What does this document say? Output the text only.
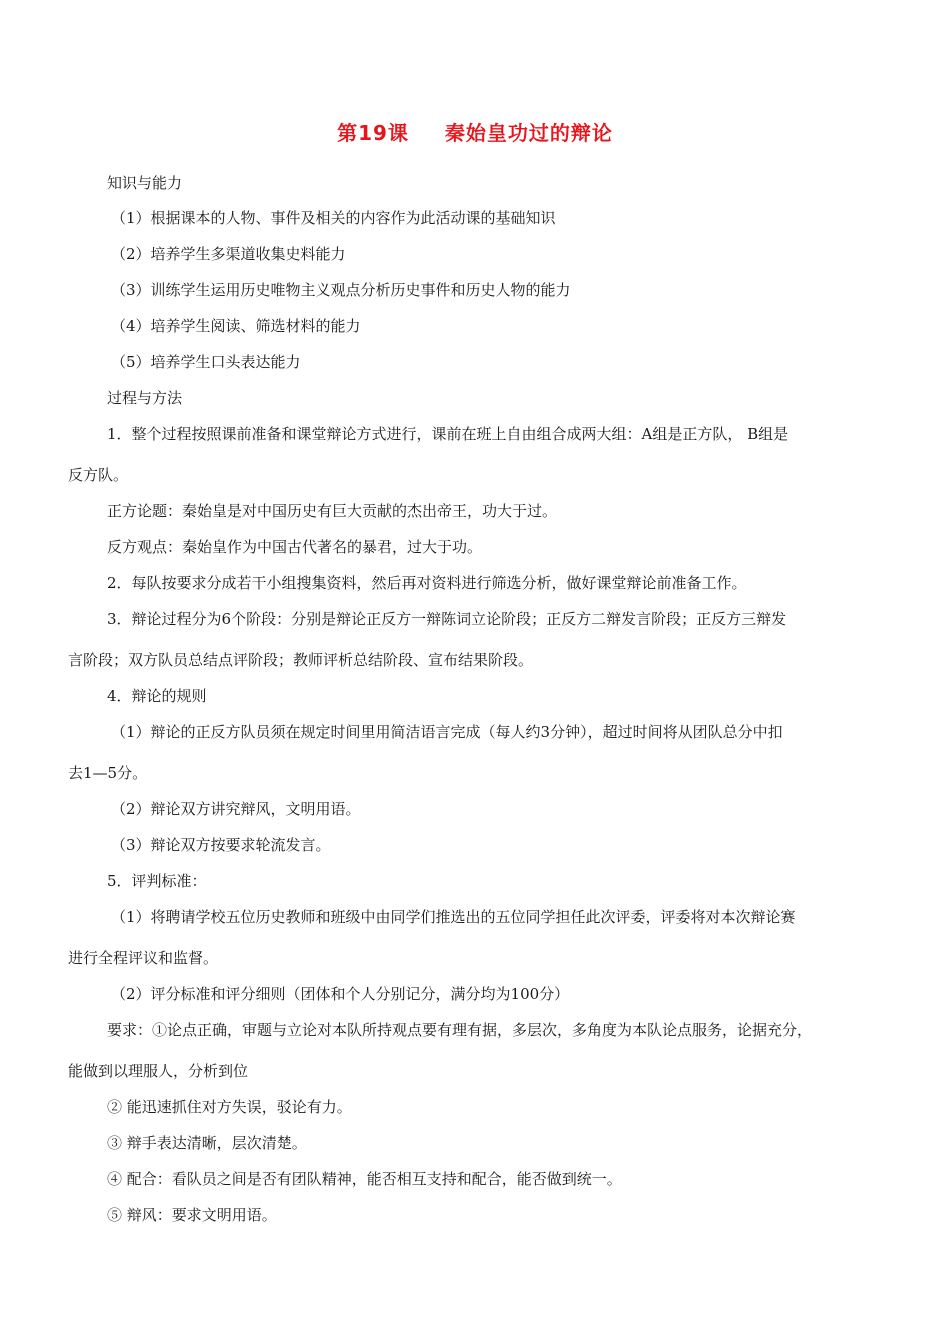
第19课 秦始皇功过的辩论
知识与能力
（1）根据课本的人物、事件及相关的内容作为此活动课的基础知识
（2）培养学生多渠道收集史料能力
（3）训练学生运用历史唯物主义观点分析历史事件和历史人物的能力
（4）培养学生阅读、筛选材料的能力
（5）培养学生口头表达能力
过程与方法
1．整个过程按照课前准备和课堂辩论方式进行，课前在班上自由组合成两大组：A组是正方队， B组是
反方队。
正方论题：秦始皇是对中国历史有巨大贡献的杰出帝王，功大于过。
反方观点：秦始皇作为中国古代著名的暴君，过大于功。
2．每队按要求分成若干小组搜集资料，然后再对资料进行筛选分析，做好课堂辩论前准备工作。
3．辩论过程分为6个阶段：分别是辩论正反方一辩陈词立论阶段；正反方二辩发言阶段；正反方三辩发
言阶段；双方队员总结点评阶段；教师评析总结阶段、宣布结果阶段。
4．辩论的规则
（1）辩论的正反方队员须在规定时间里用简洁语言完成（每人约3分钟），超过时间将从团队总分中扣
去1—5分。
（2）辩论双方讲究辩风，文明用语。
（3）辩论双方按要求轮流发言。
5．评判标准：
（1）将聘请学校五位历史教师和班级中由同学们推选出的五位同学担任此次评委，评委将对本次辩论赛
进行全程评议和监督。
（2）评分标准和评分细则（团体和个人分别记分，满分均为100分）
要求：①论点正确，审题与立论对本队所持观点要有理有据，多层次，多角度为本队论点服务，论据充分，
能做到以理服人，分析到位
② 能迅速抓住对方失误，驳论有力。
③ 辩手表达清晰，层次清楚。
④ 配合：看队员之间是否有团队精神，能否相互支持和配合，能否做到统一。
⑤ 辩风：要求文明用语。
